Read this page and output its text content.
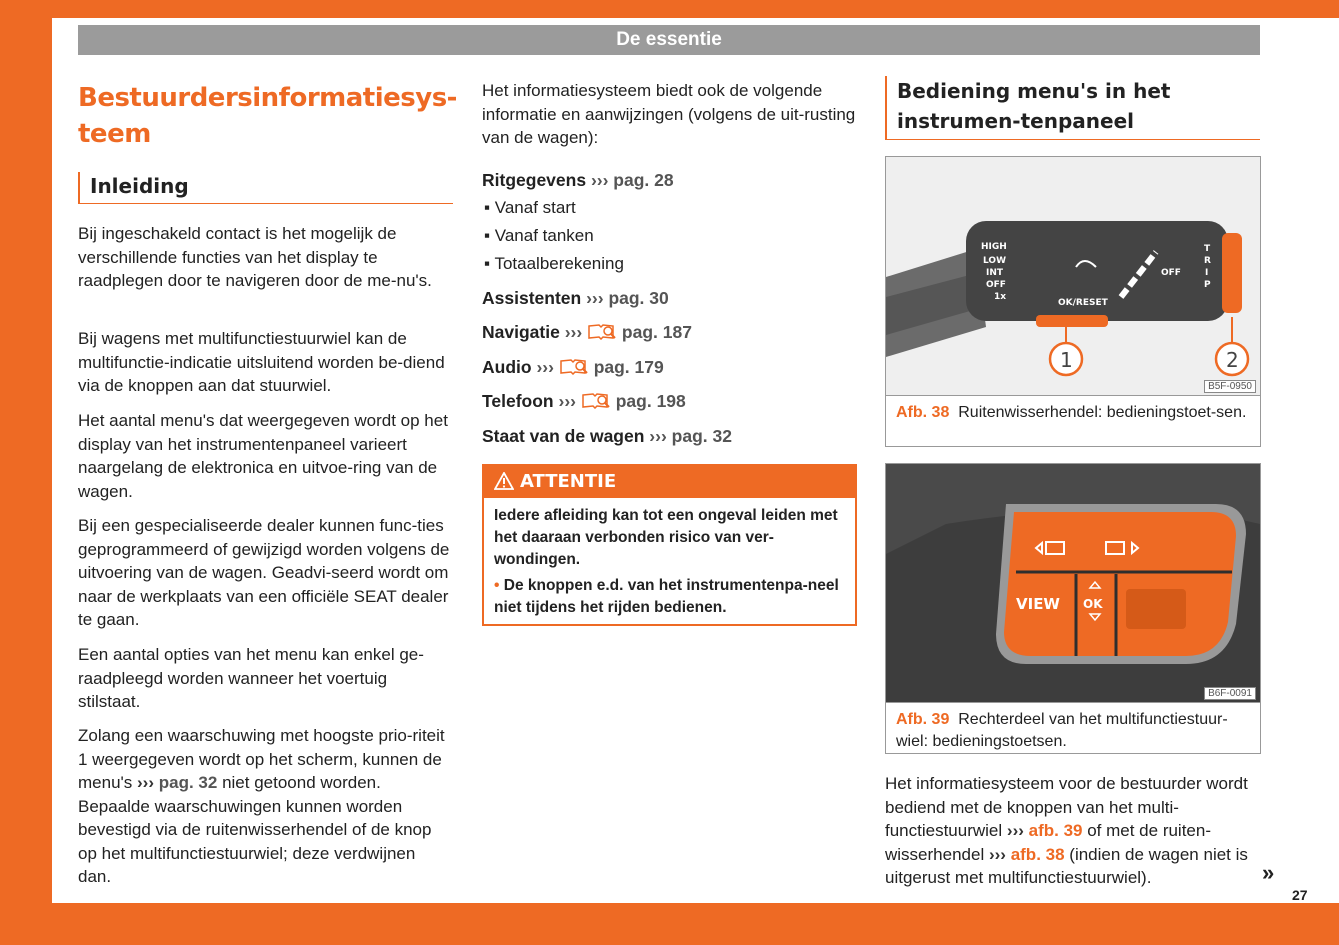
De essentie
Bestuurdersinformatiesys-teem
Inleiding
Bij ingeschakeld contact is het mogelijk de verschillende functies van het display te raadplegen door te navigeren door de me-nu's.
Bij wagens met multifunctiestuurwiel kan de multifunctie-indicatie uitsluitend worden be-diend via de knoppen aan dat stuurwiel.
Het aantal menu's dat weergegeven wordt op het display van het instrumentenpaneel varieert naargelang de elektronica en uitvoe-ring van de wagen.
Bij een gespecialiseerde dealer kunnen func-ties geprogrammeerd of gewijzigd worden volgens de uitvoering van de wagen. Geadvi-seerd wordt om naar de werkplaats van een officiële SEAT dealer te gaan.
Een aantal opties van het menu kan enkel ge-raadpleegd worden wanneer het voertuig stilstaat.
Zolang een waarschuwing met hoogste prio-riteit 1 weergegeven wordt op het scherm, kunnen de menu's ››› pag. 32 niet getoond worden. Bepaalde waarschuwingen kunnen worden bevestigd via de ruitenwisserhendel of de knop op het multifunctiestuurwiel; deze verdwijnen dan.
Het informatiesysteem biedt ook de volgende informatie en aanwijzingen (volgens de uit-rusting van de wagen):
Ritgegevens ››› pag. 28
▪ Vanaf start
▪ Vanaf tanken
▪ Totaalberekening
Assistenten ››› pag. 30
Navigatie ››› pag. 187
Audio ››› pag. 179
Telefoon ››› pag. 198
Staat van de wagen ››› pag. 32
ATTENTIE
Iedere afleiding kan tot een ongeval leiden met het daaraan verbonden risico van ver-wondingen.
• De knoppen e.d. van het instrumentenpa-neel niet tijdens het rijden bedienen.
Bediening menu's in het instrumen-tenpaneel
HIGH
LOW
INT
OFF
1x
OK/RESET
OFF
T
R
I
P
1	2
B5F-0950
Afb. 38 Ruitenwisserhendel: bedieningstoet-sen.
VIEW OK
B6F-0091
Afb. 39 Rechterdeel van het multifunctiestuur-wiel: bedieningstoetsen.
Het informatiesysteem voor de bestuurder wordt bediend met de knoppen van het multi-functiestuurwiel ››› afb. 39 of met de ruiten-wisserhendel ››› afb. 38 (indien de wagen niet is uitgerust met multifunctiestuurwiel).	»
27
